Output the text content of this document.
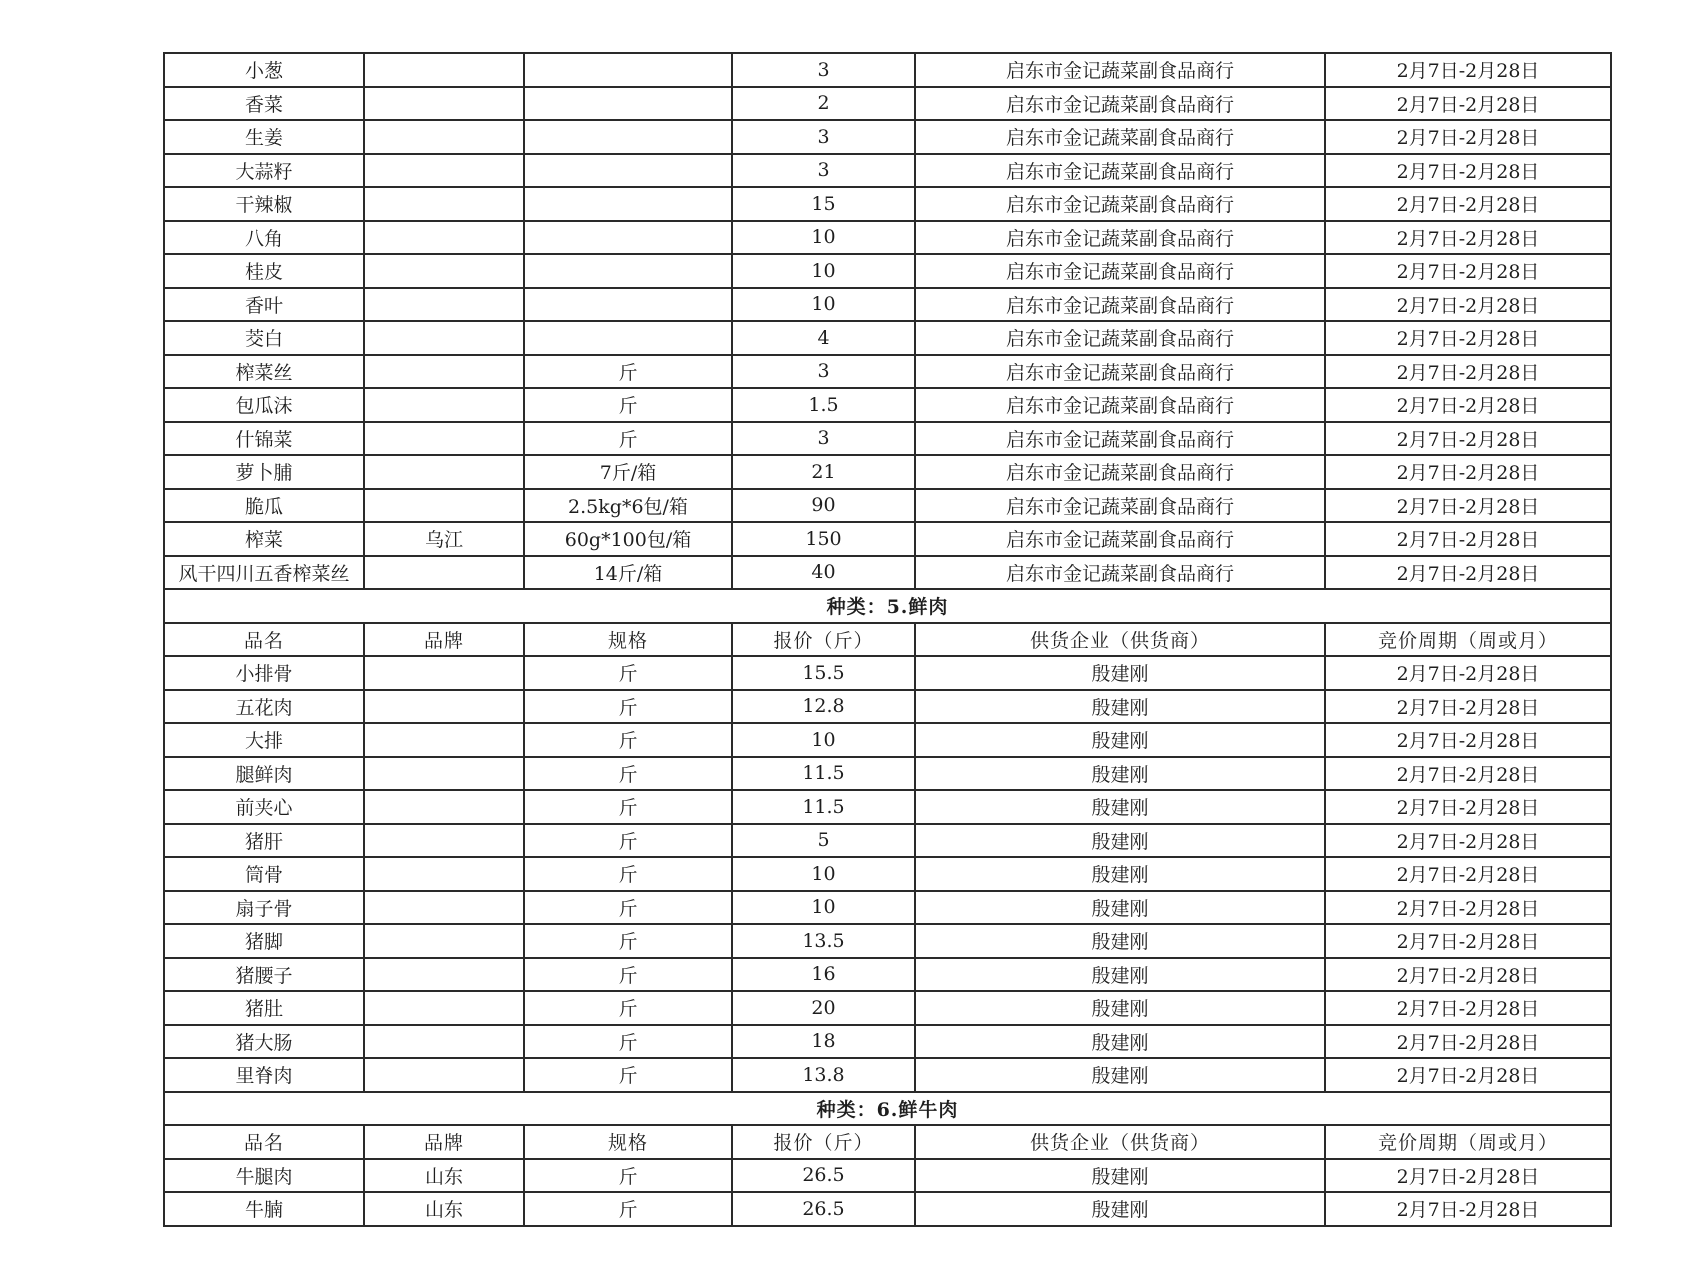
小葱			3	启东市金记蔬菜副食品商行	2月7日-2月28日
香菜			2	启东市金记蔬菜副食品商行	2月7日-2月28日
生姜			3	启东市金记蔬菜副食品商行	2月7日-2月28日
大蒜籽			3	启东市金记蔬菜副食品商行	2月7日-2月28日
干辣椒			15	启东市金记蔬菜副食品商行	2月7日-2月28日
八角			10	启东市金记蔬菜副食品商行	2月7日-2月28日
桂皮			10	启东市金记蔬菜副食品商行	2月7日-2月28日
香叶			10	启东市金记蔬菜副食品商行	2月7日-2月28日
茭白			4	启东市金记蔬菜副食品商行	2月7日-2月28日
榨菜丝		斤	3	启东市金记蔬菜副食品商行	2月7日-2月28日
包瓜沫		斤	1.5	启东市金记蔬菜副食品商行	2月7日-2月28日
什锦菜		斤	3	启东市金记蔬菜副食品商行	2月7日-2月28日
萝卜脯		7斤/箱	21	启东市金记蔬菜副食品商行	2月7日-2月28日
脆瓜		2.5kg*6包/箱	90	启东市金记蔬菜副食品商行	2月7日-2月28日
榨菜	乌江	60g*100包/箱	150	启东市金记蔬菜副食品商行	2月7日-2月28日
风干四川五香榨菜丝		14斤/箱	40	启东市金记蔬菜副食品商行	2月7日-2月28日
种类：5.鲜肉					
品名	品牌	规格	报价（斤）	供货企业（供货商）	竞价周期（周或月）
小排骨		斤	15.5	殷建刚	2月7日-2月28日
五花肉		斤	12.8	殷建刚	2月7日-2月28日
大排		斤	10	殷建刚	2月7日-2月28日
腿鲜肉		斤	11.5	殷建刚	2月7日-2月28日
前夹心		斤	11.5	殷建刚	2月7日-2月28日
猪肝		斤	5	殷建刚	2月7日-2月28日
筒骨		斤	10	殷建刚	2月7日-2月28日
扇子骨		斤	10	殷建刚	2月7日-2月28日
猪脚		斤	13.5	殷建刚	2月7日-2月28日
猪腰子		斤	16	殷建刚	2月7日-2月28日
猪肚		斤	20	殷建刚	2月7日-2月28日
猪大肠		斤	18	殷建刚	2月7日-2月28日
里脊肉		斤	13.8	殷建刚	2月7日-2月28日
种类：6.鲜牛肉					
品名	品牌	规格	报价（斤）	供货企业（供货商）	竞价周期（周或月）
牛腿肉	山东	斤	26.5	殷建刚	2月7日-2月28日
牛腩	山东	斤	26.5	殷建刚	2月7日-2月28日
